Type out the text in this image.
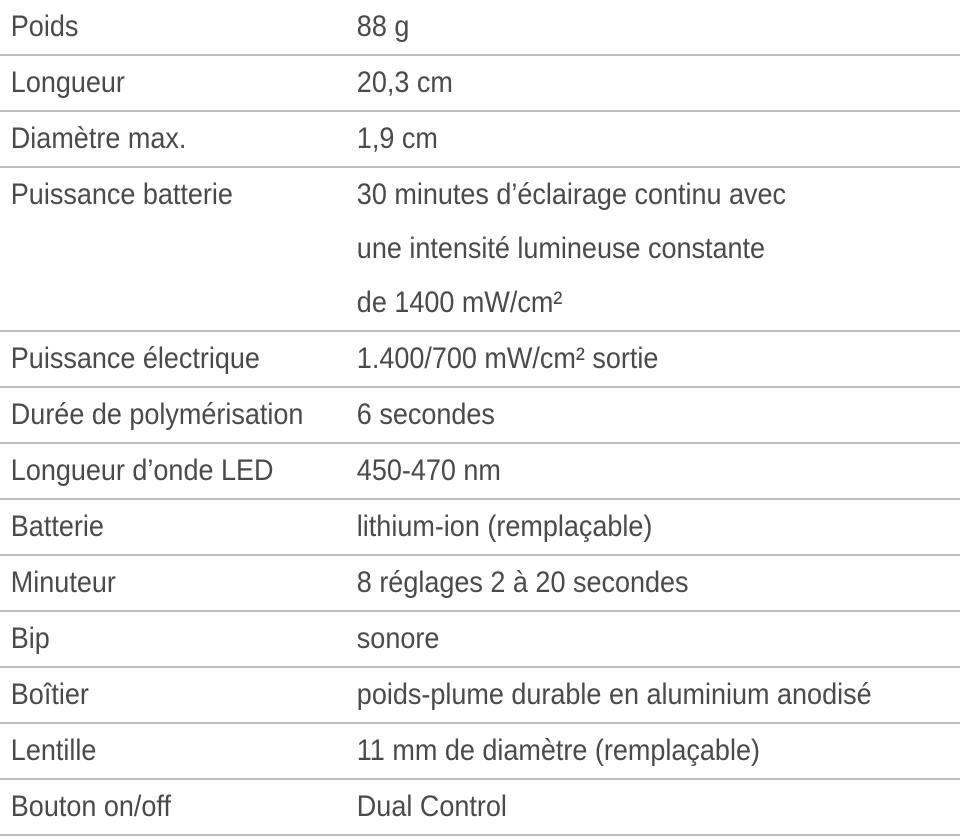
Poids	88 g
Longueur	20,3 cm
Diamètre max.	1,9 cm
Puissance batterie	30 minutes d’éclairage continu avec
une intensité lumineuse constante
de 1400 mW/cm²
Puissance électrique	1.400/700 mW/cm² sortie
Durée de polymérisation 6 secondes
Longueur d’onde LED	450-470 nm
Batterie	lithium-ion (remplaçable)
Minuteur	8 réglages 2 à 20 secondes
Bip	sonore
Boîtier	poids-plume durable en aluminium anodisé
Lentille	11 mm de diamètre (remplaçable)
Bouton on/off	Dual Control
